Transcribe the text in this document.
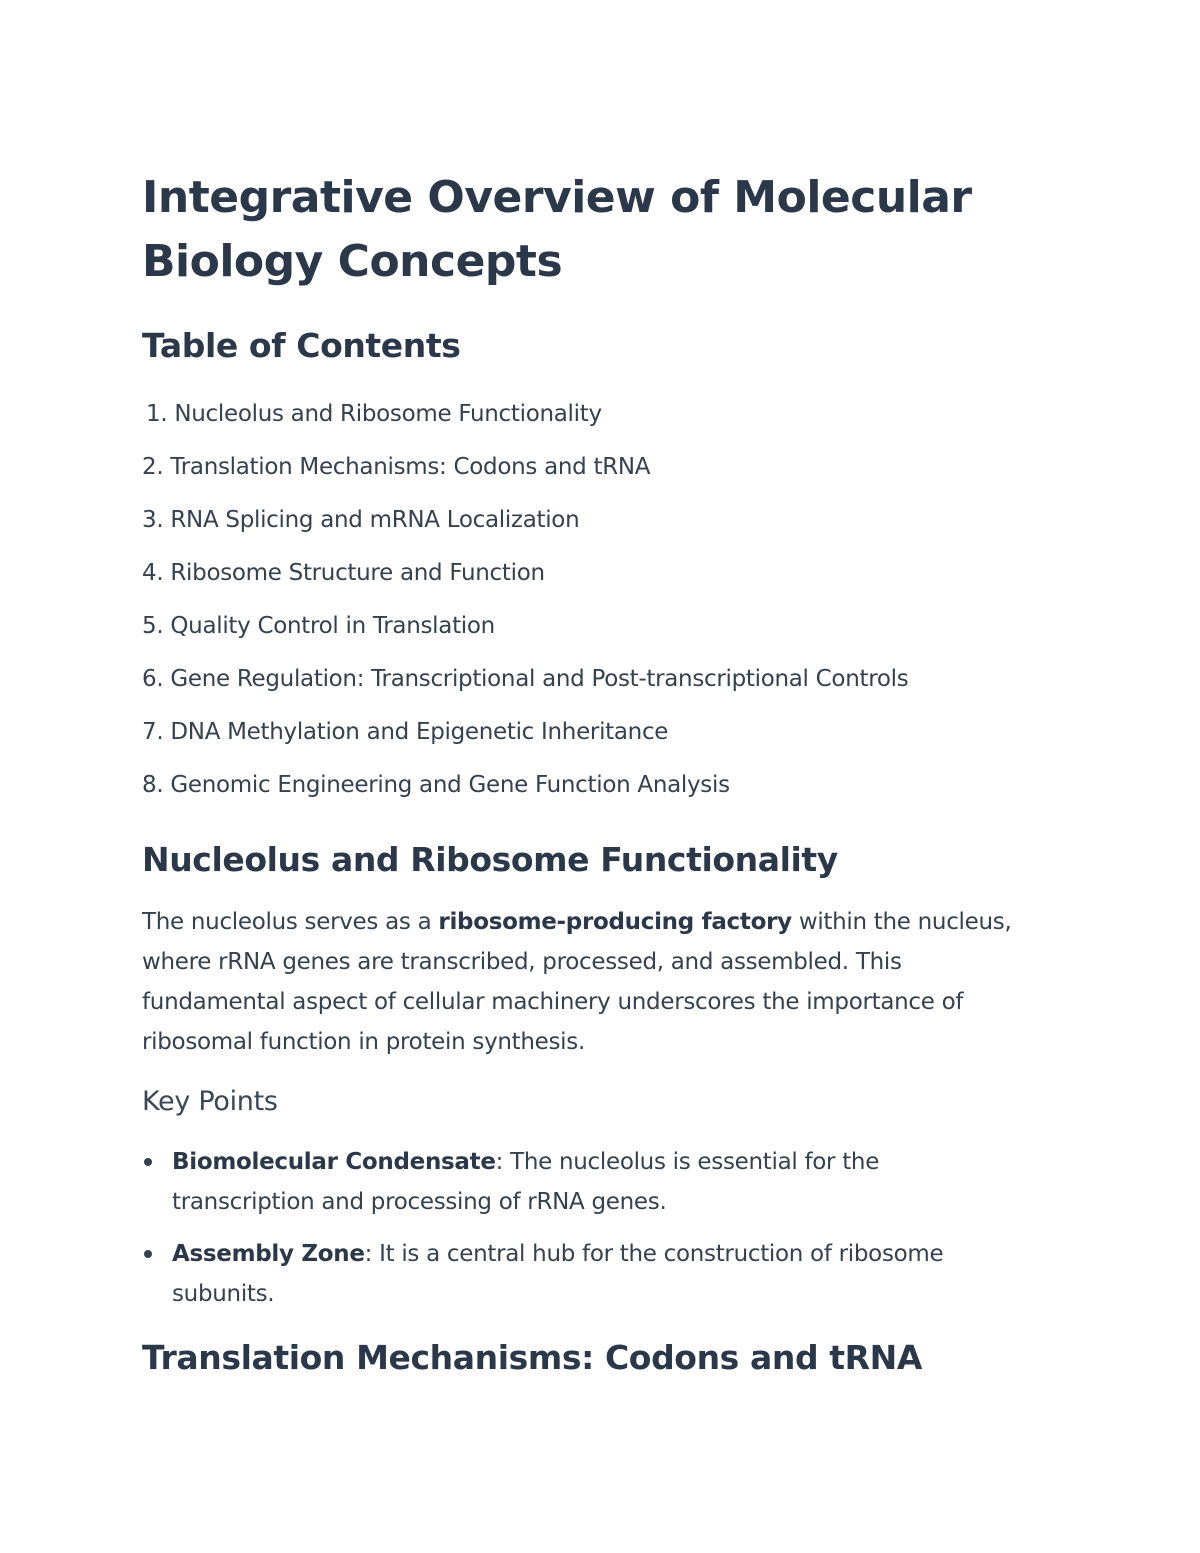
Integrative Overview of Molecular
Biology Concepts
Table of Contents
1. Nucleolus and Ribosome Functionality
2. Translation Mechanisms: Codons and tRNA
3. RNA Splicing and mRNA Localization
4. Ribosome Structure and Function
5. Quality Control in Translation
6. Gene Regulation: Transcriptional and Post-transcriptional Controls
7. DNA Methylation and Epigenetic Inheritance
8. Genomic Engineering and Gene Function Analysis
Nucleolus and Ribosome Functionality

The nucleolus serves as a ribosome-producing factory within the nucleus, where rRNA genes are transcribed, processed, and assembled. This fundamental aspect of cellular machinery underscores the importance of ribosomal function in protein synthesis.

Key Points
Biomolecular Condensate: The nucleolus is essential for the transcription and processing of rRNA genes.
Assembly Zone: It is a central hub for the construction of ribosome subunits.
Translation Mechanisms: Codons and tRNA
